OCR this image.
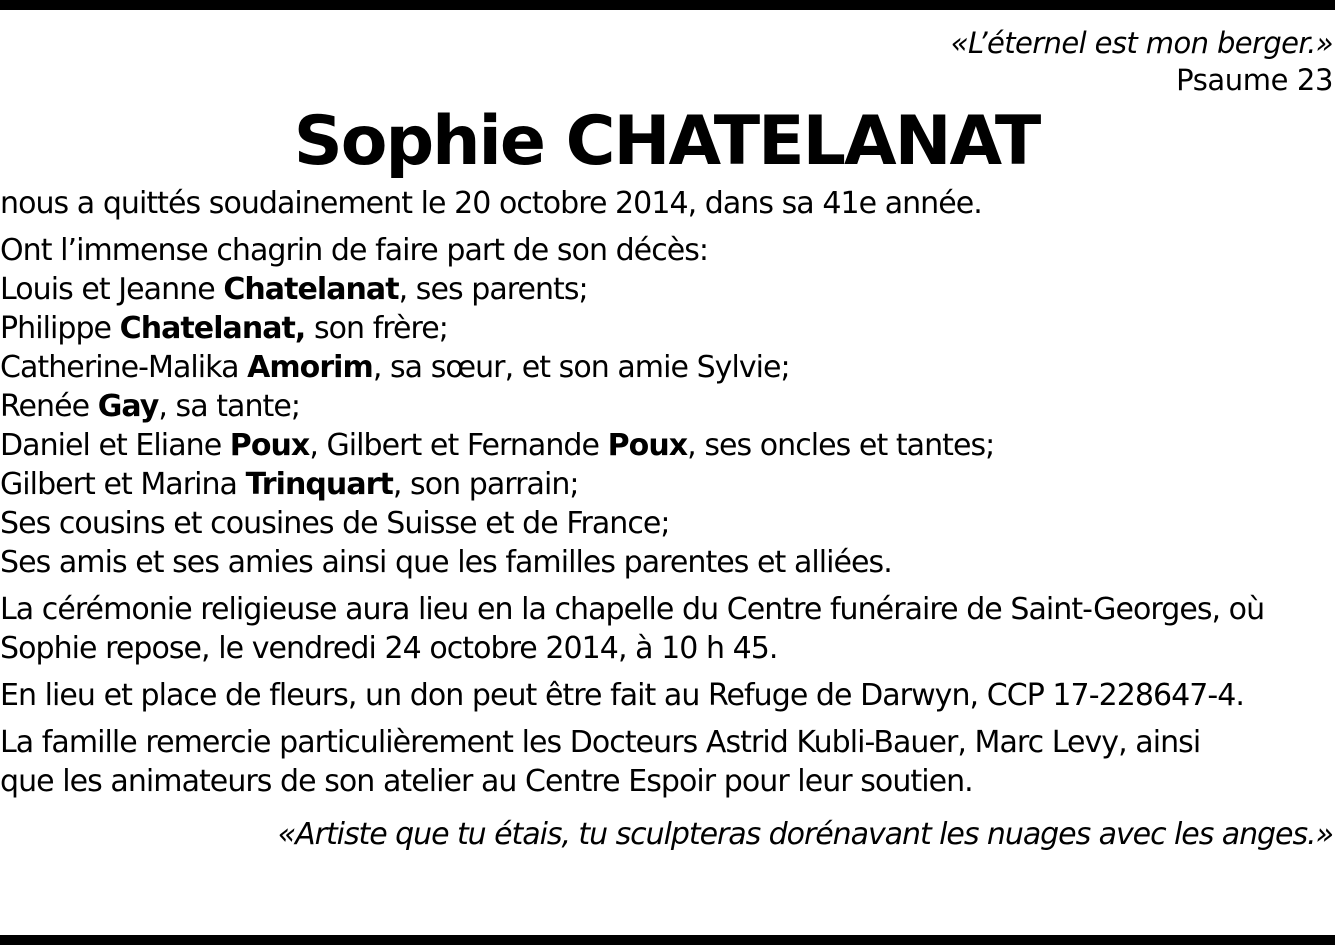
«L’éternel est mon berger.»
Psaume 23
Sophie CHATELANAT
nous a quittés soudainement le 20 octobre 2014, dans sa 41e année.
Ont l’immense chagrin de faire part de son décès:
Louis et Jeanne Chatelanat, ses parents;
Philippe Chatelanat, son frère;
Catherine-Malika Amorim, sa sœur, et son amie Sylvie;
Renée Gay, sa tante;
Daniel et Eliane Poux, Gilbert et Fernande Poux, ses oncles et tantes;
Gilbert et Marina Trinquart, son parrain;
Ses cousins et cousines de Suisse et de France;
Ses amis et ses amies ainsi que les familles parentes et alliées.
La cérémonie religieuse aura lieu en la chapelle du Centre funéraire de Saint-Georges, où
Sophie repose, le vendredi 24 octobre 2014, à 10 h 45.
En lieu et place de fleurs, un don peut être fait au Refuge de Darwyn, CCP 17-228647-4.
La famille remercie particulièrement les Docteurs Astrid Kubli-Bauer, Marc Levy, ainsi
que les animateurs de son atelier au Centre Espoir pour leur soutien.
«Artiste que tu étais, tu sculpteras dorénavant les nuages avec les anges.»
